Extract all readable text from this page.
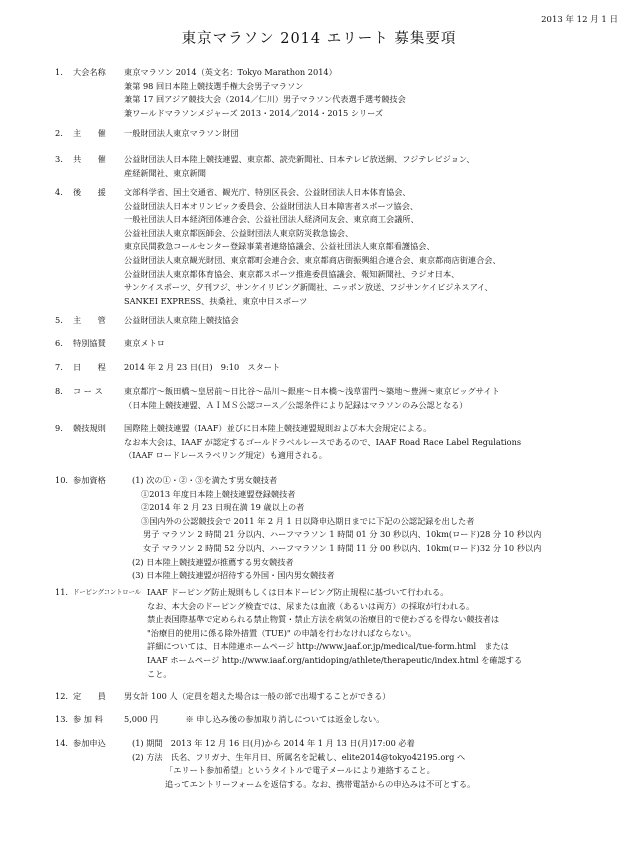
2013 年 12 月 1 日
東京マラソン 2014 エリート 募集要項
1. 大会名称 東京マラソン 2014（英文名：Tokyo Marathon 2014）
兼第 98 回日本陸上競技選手権大会男子マラソン
兼第 17 回アジア競技大会（2014／仁川）男子マラソン代表選手選考競技会
兼ワールドマラソンメジャーズ 2013・2014／2014・2015 シリーズ
2. 主　　催 一般財団法人東京マラソン財団
3. 共　　催 公益財団法人日本陸上競技連盟、東京都、読売新聞社、日本テレビ放送網、フジテレビジョン、
産経新聞社、東京新聞
4. 後　　援 文部科学省、国土交通省、観光庁、特別区長会、公益財団法人日本体育協会、
公益財団法人日本オリンピック委員会、公益財団法人日本障害者スポーツ協会、
一般社団法人日本経済団体連合会、公益社団法人経済同友会、東京商工会議所、
公益社団法人東京都医師会、公益財団法人東京防災救急協会、
東京民間救急コールセンター登録事業者連絡協議会、公益社団法人東京都看護協会、
公益財団法人東京観光財団、東京都町会連合会、東京都商店街振興組合連合会、東京都商店街連合会、
公益財団法人東京都体育協会、東京都スポーツ推進委員協議会、報知新聞社、ラジオ日本、
サンケイスポーツ、夕刊フジ、サンケイリビング新聞社、ニッポン放送、フジサンケイビジネスアイ、
SANKEI EXPRESS、扶桑社、東京中日スポーツ
5. 主　　管 公益財団法人東京陸上競技協会
6. 特別協賛 東京メトロ
7. 日　　程 2014 年 2 月 23 日(日)　9:10　スタート
8. コ ー ス	東京都庁～飯田橋～皇居前～日比谷～品川～銀座～日本橋～浅草雷門～築地～豊洲～東京ビッグサイト
（日本陸上競技連盟、ＡＩＭＳ公認コース／公認条件により記録はマラソンのみ公認となる）
9. 競技規則 国際陸上競技連盟（IAAF）並びに日本陸上競技連盟規則および本大会規定による。
なお本大会は、IAAF が認定するゴールドラベルレースであるので、IAAF Road Race Label Regulations
（IAAF ロードレースラベリング規定）も適用される。
10. 参加資格	(1) 次の①・②・③を満たす男女競技者
①2013 年度日本陸上競技連盟登録競技者
②2014 年 2 月 23 日現在満 19 歳以上の者
③国内外の公認競技会で 2011 年 2 月 1 日以降申込期日までに下記の公認記録を出した者
男子 マラソン 2 時間 21 分以内、ハーフマラソン 1 時間 01 分 30 秒以内、10km(ロード)28 分 10 秒以内
女子 マラソン 2 時間 52 分以内、ハーフマラソン 1 時間 11 分 00 秒以内、10km(ロード)32 分 10 秒以内
(2) 日本陸上競技連盟が推薦する男女競技者
(3) 日本陸上競技連盟が招待する外国・国内男女競技者
11. ドーピングコントロール IAAF ドーピング防止規則もしくは日本ドーピング防止規程に基づいて行われる。
なお、本大会のドーピング検査では、尿または血液（あるいは両方）の採取が行われる。
禁止表国際基準で定められる禁止物質・禁止方法を病気の治療目的で使わざるを得ない競技者は
"治療目的使用に係る除外措置（TUE)" の申請を行わなければならない。
詳細については、日本陸連ホームページ http://www.jaaf.or.jp/medical/tue-form.html　または
IAAF ホームページ http://www.iaaf.org/antidoping/athlete/therapeutic/index.html を確認する
こと。
12. 定　　員 男女計 100 人（定員を超えた場合は一般の部で出場することができる）
13. 参 加 料	5,000 円	※ 申し込み後の参加取り消しについては返金しない。
14. 参加申込	(1) 期間　2013 年 12 月 16 日(月)から 2014 年 1 月 13 日(月)17:00 必着
(2) 方法　氏名、フリガナ、生年月日、所属名を記載し、elite2014@tokyo42195.org へ
「エリート参加希望」というタイトルで電子メールにより連絡すること。
追ってエントリーフォームを返信する。なお、携帯電話からの申込みは不可とする。
